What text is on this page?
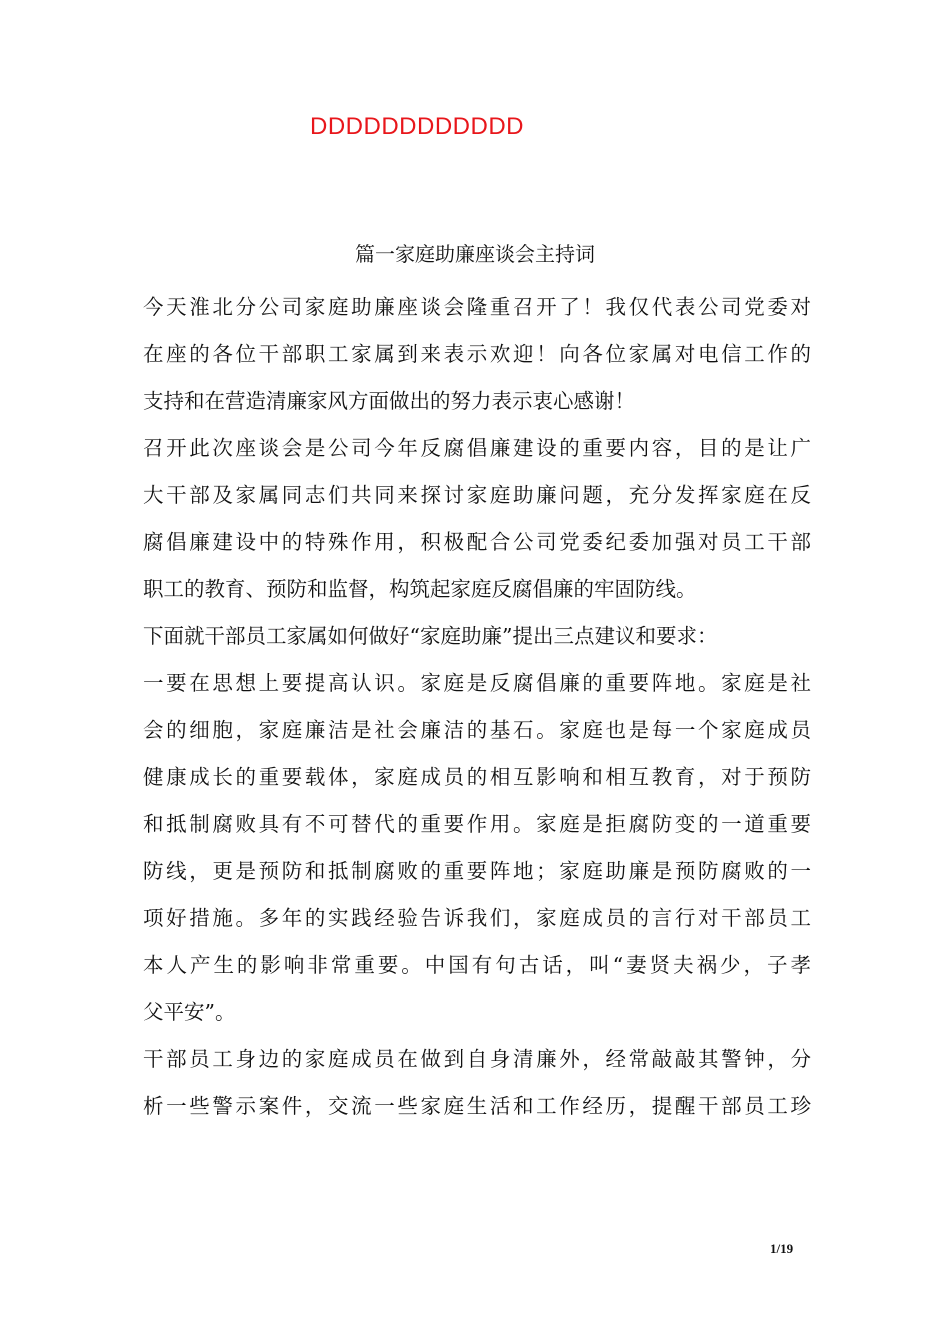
DDDDDDDDDDDD
篇一家庭助廉座谈会主持词
今天淮北分公司家庭助廉座谈会隆重召开了！我仅代表公司党委对
在座的各位干部职工家属到来表示欢迎！向各位家属对电信工作的
支持和在营造清廉家风方面做出的努力表示衷心感谢！
召开此次座谈会是公司今年反腐倡廉建设的重要内容，目的是让广
大干部及家属同志们共同来探讨家庭助廉问题，充分发挥家庭在反
腐倡廉建设中的特殊作用，积极配合公司党委纪委加强对员工干部
职工的教育、预防和监督，构筑起家庭反腐倡廉的牢固防线。
下面就干部员工家属如何做好“家庭助廉”提出三点建议和要求：
一要在思想上要提高认识。家庭是反腐倡廉的重要阵地。家庭是社
会的细胞，家庭廉洁是社会廉洁的基石。家庭也是每一个家庭成员
健康成长的重要载体，家庭成员的相互影响和相互教育，对于预防
和抵制腐败具有不可替代的重要作用。家庭是拒腐防变的一道重要
防线，更是预防和抵制腐败的重要阵地；家庭助廉是预防腐败的一
项好措施。多年的实践经验告诉我们，家庭成员的言行对干部员工
本人产生的影响非常重要。中国有句古话，叫“妻贤夫祸少，子孝
父平安”。
干部员工身边的家庭成员在做到自身清廉外，经常敲敲其警钟，分
析一些警示案件，交流一些家庭生活和工作经历，提醒干部员工珍
1/19
